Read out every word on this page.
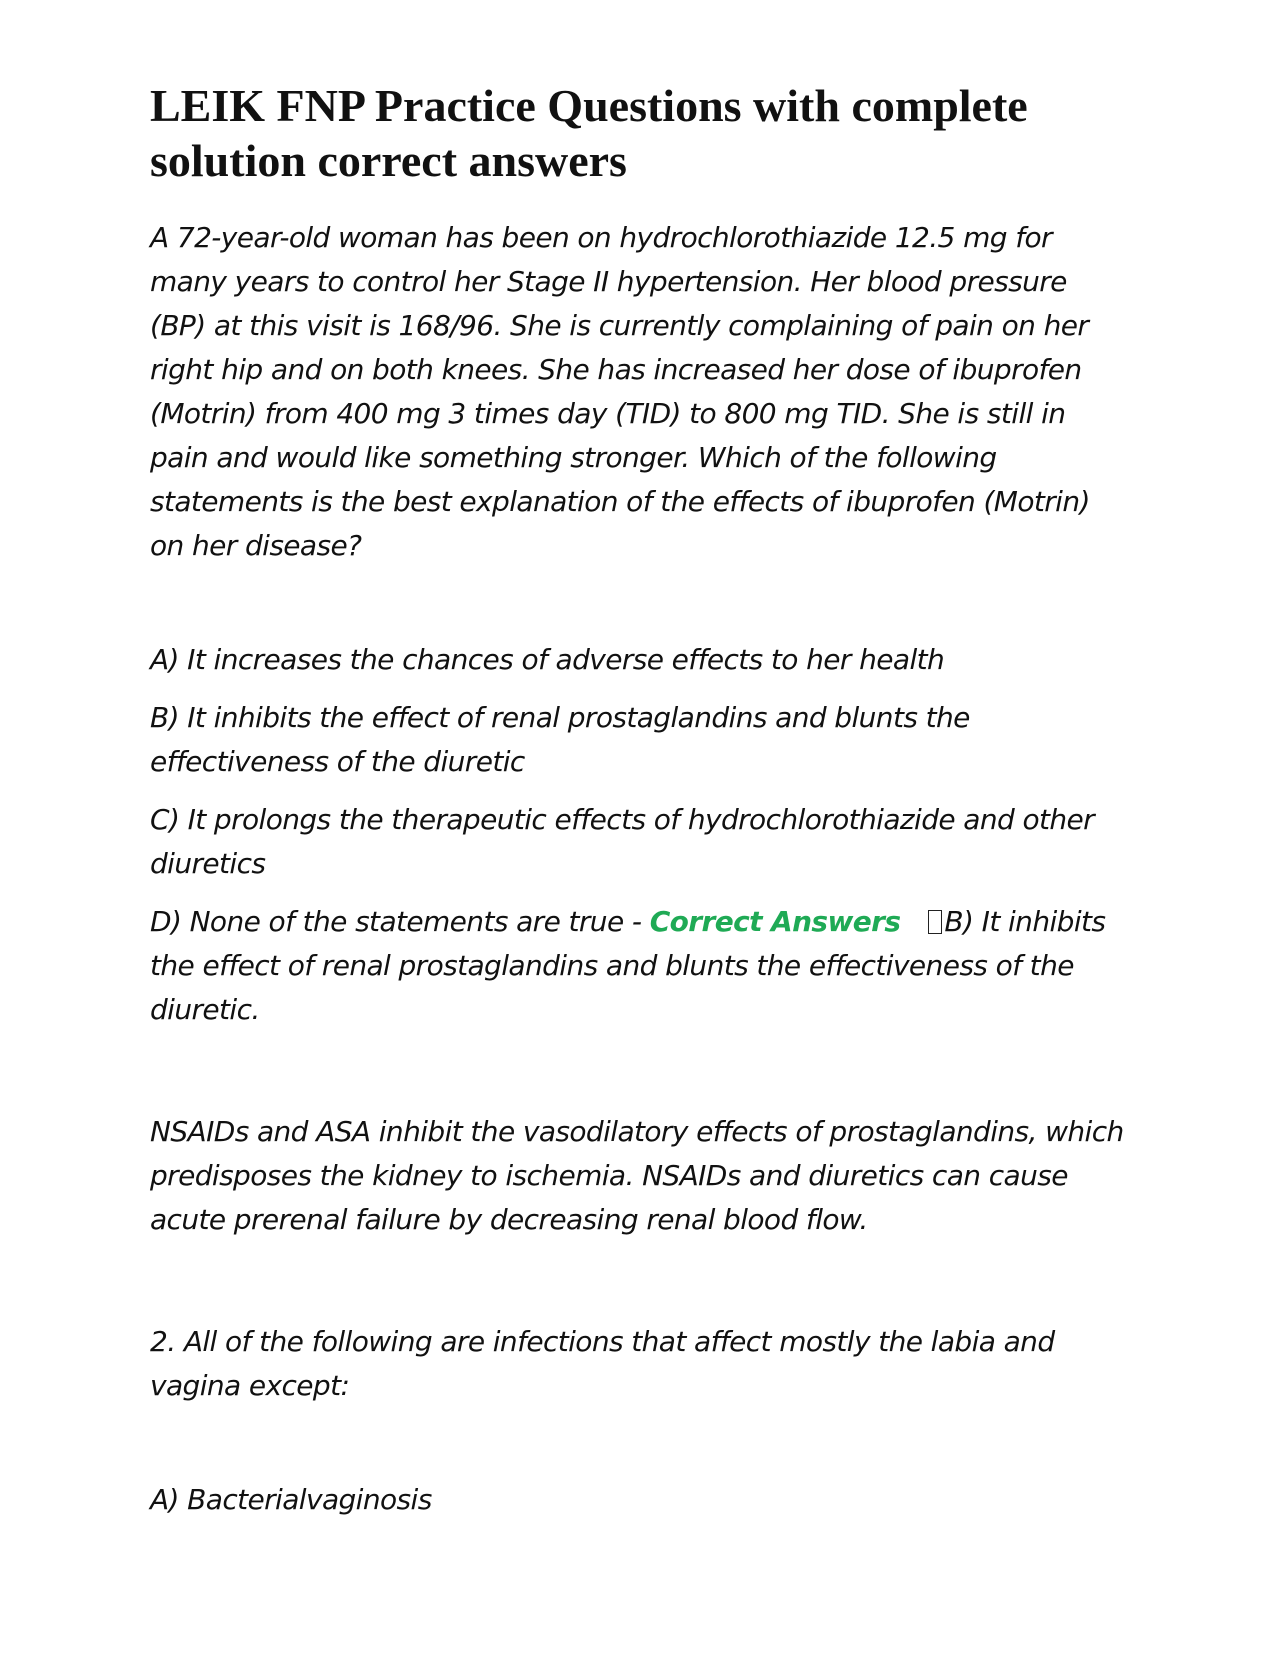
LEIK FNP Practice Questions with complete solution correct answers

A 72-year-old woman has been on hydrochlorothiazide 12.5 mg for many years to control her Stage II hypertension. Her blood pressure (BP) at this visit is 168/96. She is currently complaining of pain on her right hip and on both knees. She has increased her dose of ibuprofen (Motrin) from 400 mg 3 times day (TID) to 800 mg TID. She is still in pain and would like something stronger. Which of the following statements is the best explanation of the effects of ibuprofen (Motrin) on her disease?

A) It increases the chances of adverse effects to her health

B) It inhibits the effect of renal prostaglandins and blunts the effectiveness of the diuretic

C) It prolongs the therapeutic effects of hydrochlorothiazide and other diuretics

D) None of the statements are true - Correct Answers B) It inhibits the effect of renal prostaglandins and blunts the effectiveness of the diuretic.

NSAIDs and ASA inhibit the vasodilatory effects of prostaglandins, which predisposes the kidney to ischemia. NSAIDs and diuretics can cause acute prerenal failure by decreasing renal blood flow.

2. All of the following are infections that affect mostly the labia and vagina except:

A) Bacterialvaginosis
